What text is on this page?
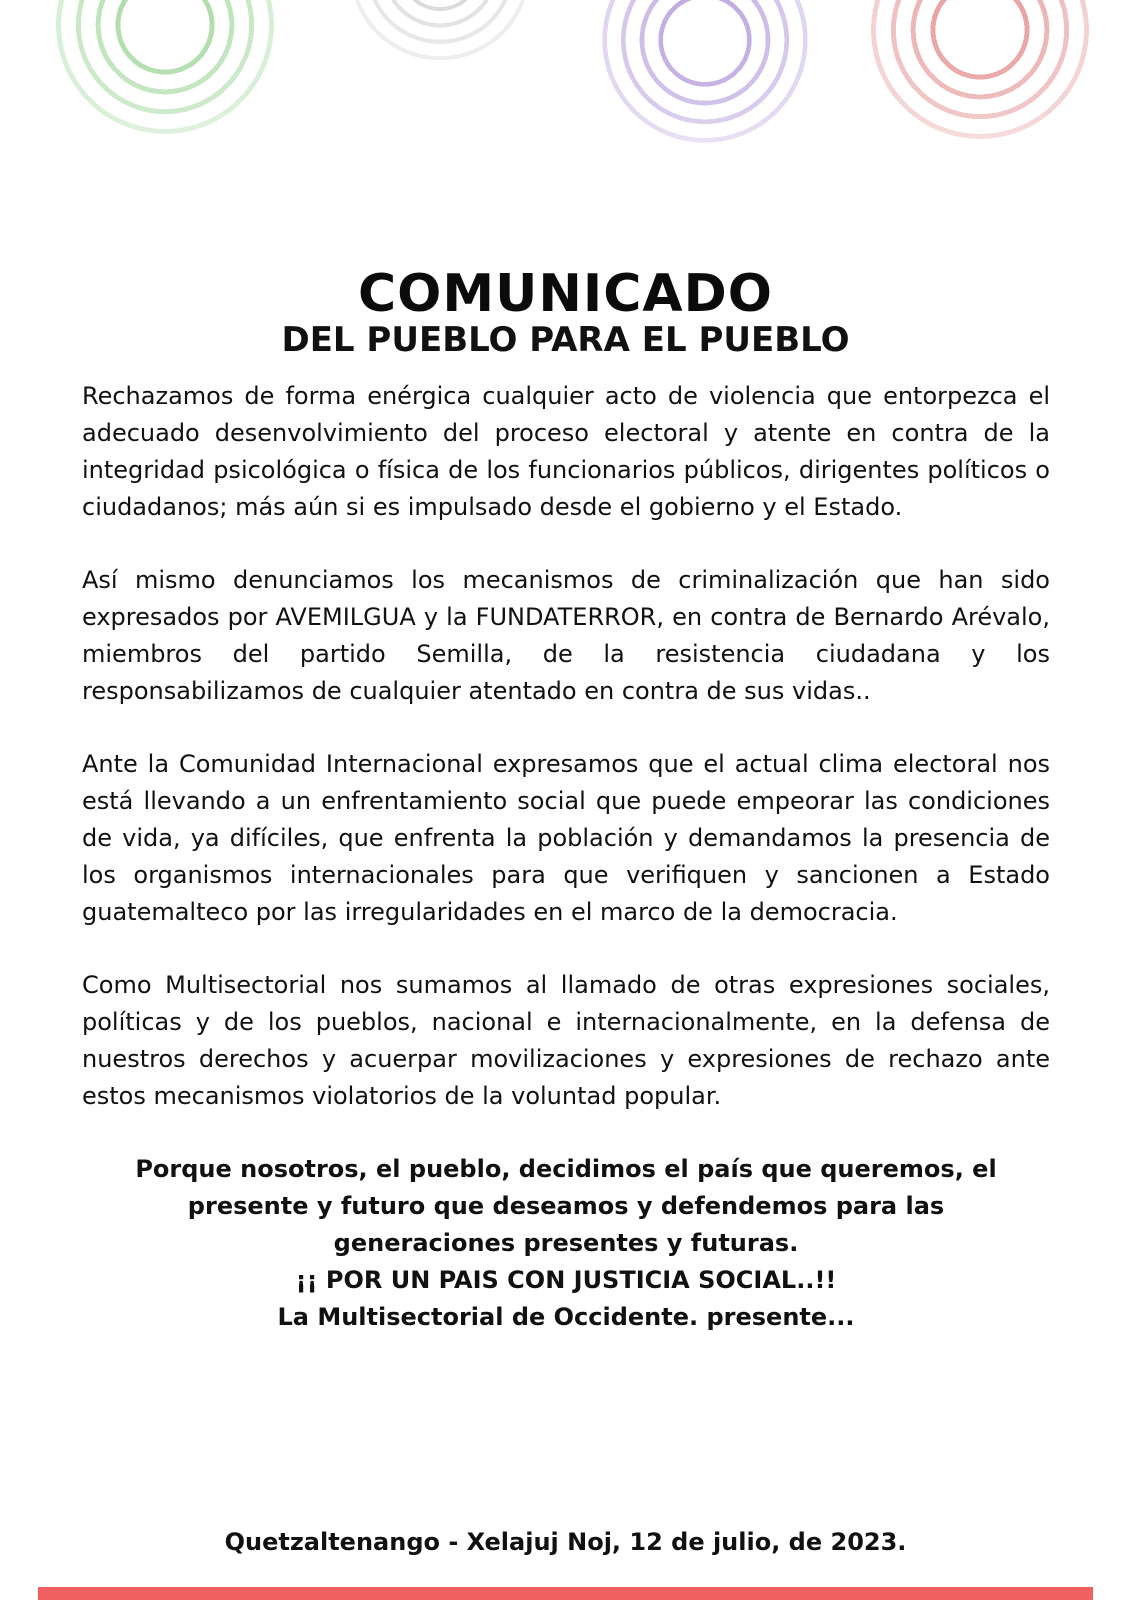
COMUNICADO
DEL PUEBLO PARA EL PUEBLO

Rechazamos de forma enérgica cualquier acto de violencia que entorpezca el adecuado desenvolvimiento del proceso electoral y atente en contra de la integridad psicológica o física de los funcionarios públicos, dirigentes políticos o ciudadanos; más aún si es impulsado desde el gobierno y el Estado.

Así mismo denunciamos los mecanismos de criminalización que han sido expresados por AVEMILGUA y la FUNDATERROR, en contra de Bernardo Arévalo, miembros del partido Semilla, de la resistencia ciudadana y los responsabilizamos de cualquier atentado en contra de sus vidas..

Ante la Comunidad Internacional expresamos que el actual clima electoral nos está llevando a un enfrentamiento social que puede empeorar las condiciones de vida, ya difíciles, que enfrenta la población y demandamos la presencia de los organismos internacionales para que verifiquen y sancionen a Estado guatemalteco por las irregularidades en el marco de la democracia.

Como Multisectorial nos sumamos al llamado de otras expresiones sociales, políticas y de los pueblos, nacional e internacionalmente, en la defensa de nuestros derechos y acuerpar movilizaciones y expresiones de rechazo ante estos mecanismos violatorios de la voluntad popular.

Porque nosotros, el pueblo, decidimos el país que queremos, el
presente y futuro que deseamos y defendemos para las
generaciones presentes y futuras.
¡¡ POR UN PAIS CON JUSTICIA SOCIAL..!!
La Multisectorial de Occidente. presente...
Quetzaltenango - Xelajuj Noj, 12 de julio, de 2023.
